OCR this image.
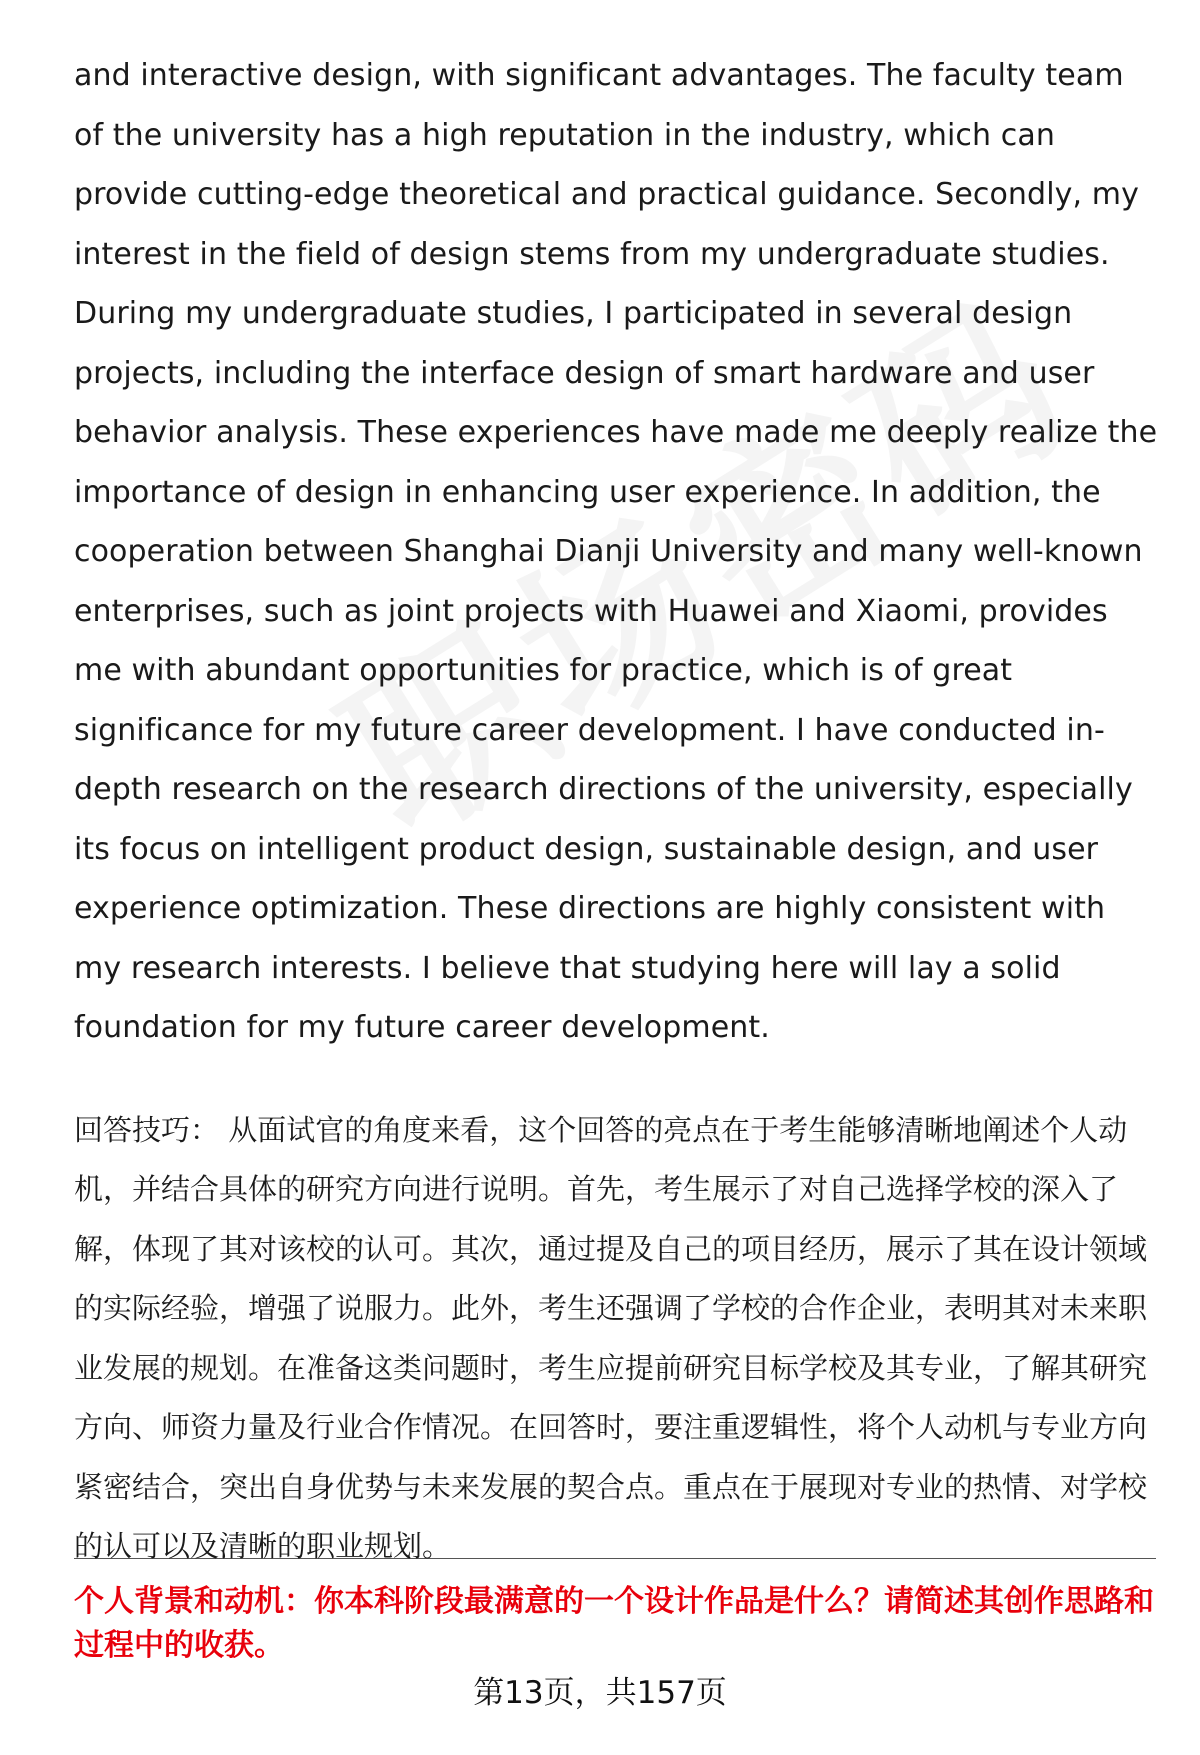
and interactive design, with significant advantages. The faculty team of the university has a high reputation in the industry, which can provide cutting-edge theoretical and practical guidance. Secondly, my interest in the field of design stems from my undergraduate studies. During my undergraduate studies, I participated in several design projects, including the interface design of smart hardware and user behavior analysis. These experiences have made me deeply realize the importance of design in enhancing user experience. In addition, the cooperation between Shanghai Dianji University and many well-known enterprises, such as joint projects with Huawei and Xiaomi, provides me with abundant opportunities for practice, which is of great significance for my future career development. I have conducted in-depth research on the research directions of the university, especially its focus on intelligent product design, sustainable design, and user experience optimization. These directions are highly consistent with my research interests. I believe that studying here will lay a solid foundation for my future career development.

回答技巧： 从面试官的角度来看，这个回答的亮点在于考生能够清晰地阐述个人动机，并结合具体的研究方向进行说明。首先，考生展示了对自己选择学校的深入了解，体现了其对该校的认可。其次，通过提及自己的项目经历，展示了其在设计领域的实际经验，增强了说服力。此外，考生还强调了学校的合作企业，表明其对未来职业发展的规划。在准备这类问题时，考生应提前研究目标学校及其专业，了解其研究方向、师资力量及行业合作情况。在回答时，要注重逻辑性，将个人动机与专业方向紧密结合，突出自身优势与未来发展的契合点。重点在于展现对专业的热情、对学校的认可以及清晰的职业规划。

个人背景和动机：你本科阶段最满意的一个设计作品是什么？请简述其创作思路和过程中的收获。

第13页，共157页
